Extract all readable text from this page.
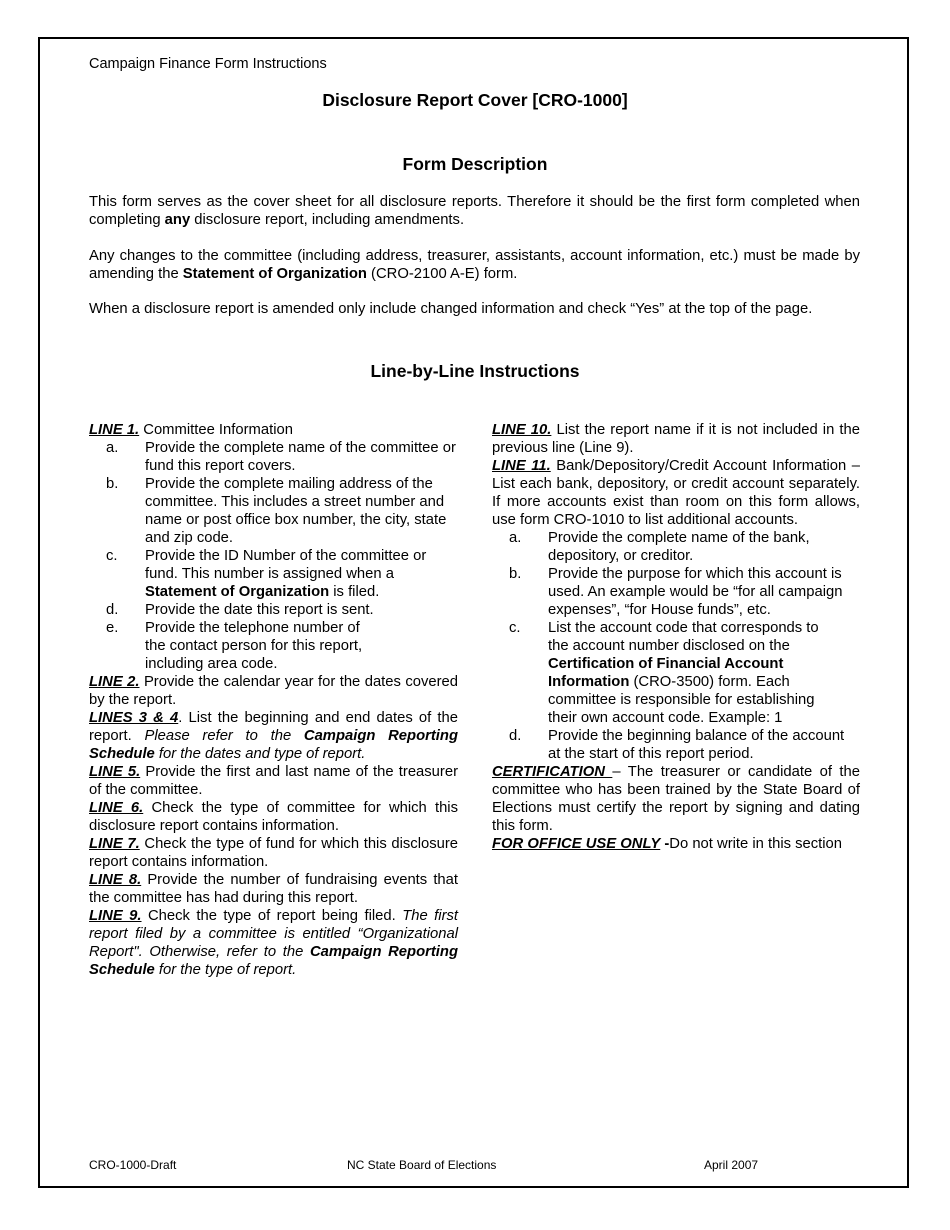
Campaign Finance Form Instructions
Disclosure Report Cover [CRO-1000]
Form Description
This form serves as the cover sheet for all disclosure reports. Therefore it should be the first form completed when completing any disclosure report, including amendments.
Any changes to the committee (including address, treasurer, assistants, account information, etc.) must be made by amending the Statement of Organization (CRO-2100 A-E) form.
When a disclosure report is amended only include changed information and check “Yes” at the top of the page.
Line-by-Line Instructions

LINE 1. Committee Information

a.	Provide the complete name of the committee or fund this report covers.
b.	Provide the complete mailing address of the committee. This includes a street number and name or post office box number, the city, state and zip code.
c.	Provide the ID Number of the committee or fund. This number is assigned when a Statement of Organization is filed.
d.	Provide the date this report is sent.
e.	Provide the telephone number of the contact person for this report, including area code.

LINE 2. Provide the calendar year for the dates covered by the report.

LINES 3 & 4. List the beginning and end dates of the report. Please refer to the Campaign Reporting Schedule for the dates and type of report.

LINE 5. Provide the first and last name of the treasurer of the committee.

LINE 6. Check the type of committee for which this disclosure report contains information.

LINE 7. Check the type of fund for which this disclosure report contains information.

LINE 8. Provide the number of fundraising events that the committee has had during this report.

LINE 9. Check the type of report being filed. The first report filed by a committee is entitled “Organizational Report". Otherwise, refer to the Campaign Reporting Schedule for the type of report.

LINE 10. List the report name if it is not included in the previous line (Line 9).

LINE 11. Bank/Depository/Credit Account Information – List each bank, depository, or credit account separately. If more accounts exist than room on this form allows, use form CRO-1010 to list additional accounts.

a.	Provide the complete name of the bank, depository, or creditor.
b.	Provide the purpose for which this account is used. An example would be “for all campaign expenses”, “for House funds”, etc.
c.	List the account code that corresponds to the account number disclosed on the Certification of Financial Account Information (CRO-3500) form. Each committee is responsible for establishing their own account code. Example: 1
d.	Provide the beginning balance of the account at the start of this report period.

CERTIFICATION – The treasurer or candidate of the committee who has been trained by the State Board of Elections must certify the report by signing and dating this form.

FOR OFFICE USE ONLY -Do not write in this section

CRO-1000-Draft	NC State Board of Elections	April 2007
